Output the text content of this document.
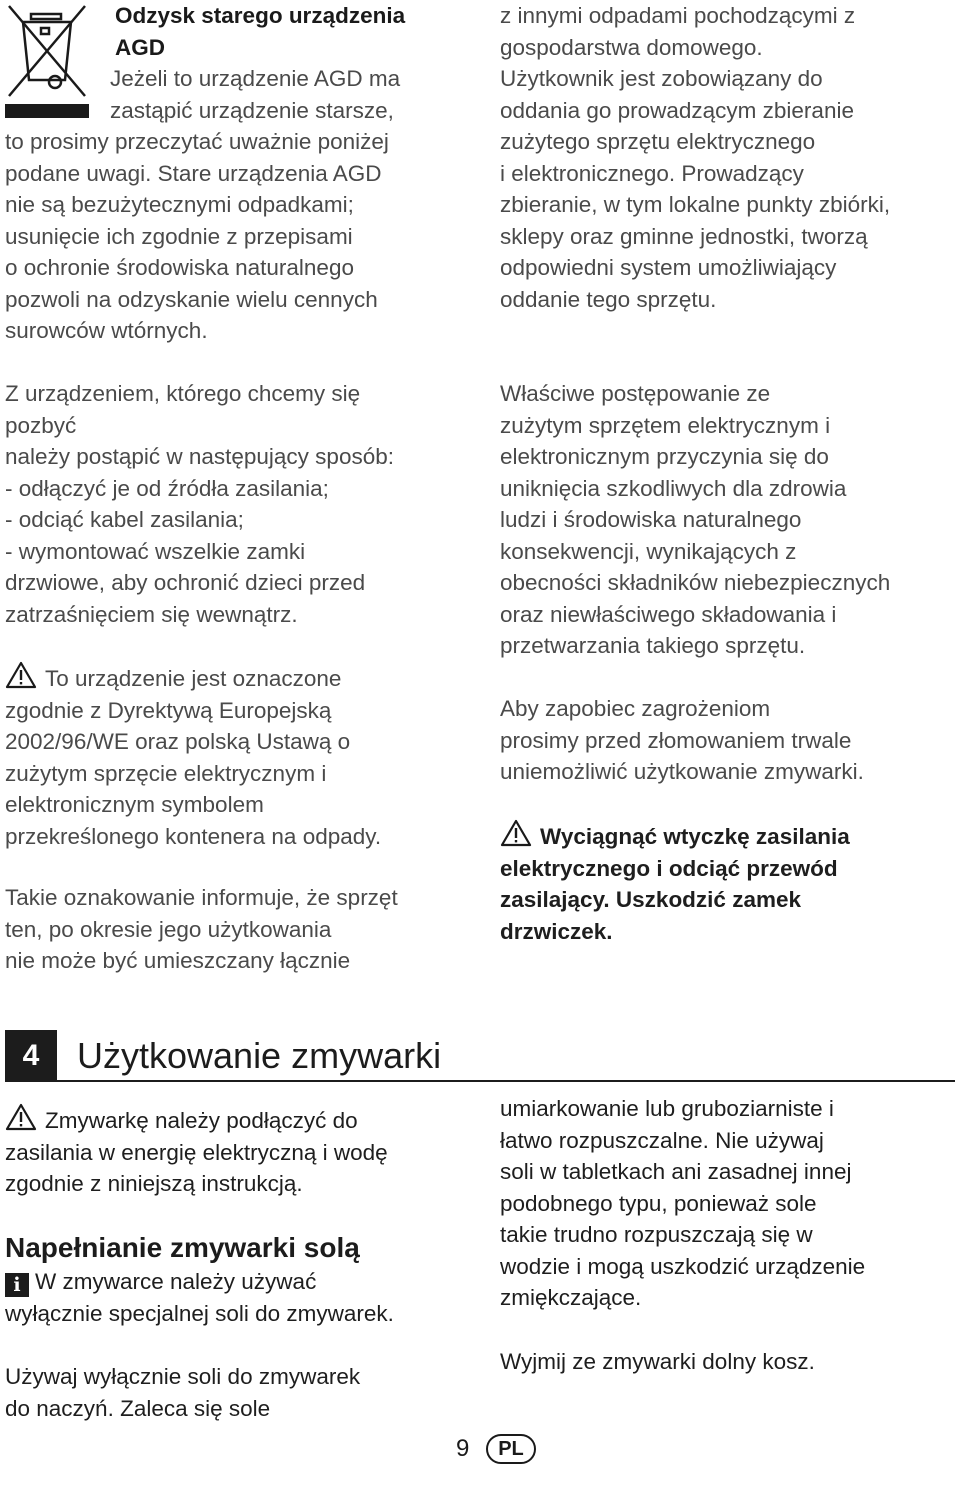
Odzysk starego urządzenia
AGD
Jeżeli to urządzenie AGD ma
zastąpić urządzenie starsze,
to prosimy przeczytać uważnie poniżej
podane uwagi. Stare urządzenia AGD
nie są bezużytecznymi odpadkami;
usunięcie ich zgodnie z przepisami
o ochronie środowiska naturalnego
pozwoli na odzyskanie wielu cennych
surowców wtórnych.
Z urządzeniem, którego chcemy się
pozbyć
należy postąpić w następujący sposób:
- odłączyć je od źródła zasilania;
- odciąć kabel zasilania;
- wymontować wszelkie zamki
drzwiowe, aby ochronić dzieci przed
zatrzaśnięciem się wewnątrz.
To urządzenie jest oznaczone
zgodnie z Dyrektywą Europejską
2002/96/WE oraz polską Ustawą o
zużytym sprzęcie elektrycznym i
elektronicznym symbolem
przekreślonego kontenera na odpady.
Takie oznakowanie informuje, że sprzęt
ten, po okresie jego użytkowania
nie może być umieszczany łącznie
z innymi odpadami pochodzącymi z
gospodarstwa domowego.
Użytkownik jest zobowiązany do
oddania go prowadzącym zbieranie
zużytego sprzętu elektrycznego
i elektronicznego. Prowadzący
zbieranie, w tym lokalne punkty zbiórki,
sklepy oraz gminne jednostki, tworzą
odpowiedni system umożliwiający
oddanie tego sprzętu.
Właściwe postępowanie ze
zużytym sprzętem elektrycznym i
elektronicznym przyczynia się do
uniknięcia szkodliwych dla zdrowia
ludzi i środowiska naturalnego
konsekwencji, wynikających z
obecności składników niebezpiecznych
oraz niewłaściwego składowania i
przetwarzania takiego sprzętu.
Aby zapobiec zagrożeniom
prosimy przed złomowaniem trwale
uniemożliwić użytkowanie zmywarki.
Wyciągnąć wtyczkę zasilania
elektrycznego i odciąć przewód
zasilający. Uszkodzić zamek
drzwiczek.
4	Użytkowanie zmywarki
Zmywarkę należy podłączyć do
zasilania w energię elektryczną i wodę
zgodnie z niniejszą instrukcją.
Napełnianie zmywarki solą
i W zmywarce należy używać
wyłącznie specjalnej soli do zmywarek.
Używaj wyłącznie soli do zmywarek
do naczyń. Zaleca się sole
umiarkowanie lub gruboziarniste i
łatwo rozpuszczalne. Nie używaj
soli w tabletkach ani zasadnej innej
podobnego typu, ponieważ sole
takie trudno rozpuszczają się w
wodzie i mogą uszkodzić urządzenie
zmiękczające.
Wyjmij ze zmywarki dolny kosz.
9	PL
